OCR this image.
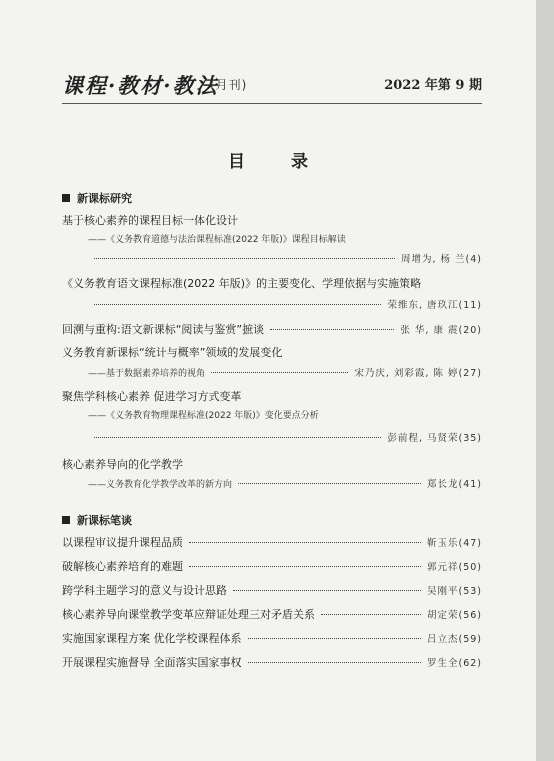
课程·教材·教法
(月刊)	2022 年第 9 期
目 录
新课标研究
基于核心素养的课程目标一体化设计
——《义务教育道德与法治课程标准(2022 年版)》课程目标解读
周增为, 杨 兰 (4)
《义务教育语文课程标准(2022 年版)》的主要变化、学理依据与实施策略
荣维东, 唐玖江 (11)
回溯与重构:语文新课标“阅读与鉴赏”摭谈	张 华, 康 震 (20)
义务教育新课标“统计与概率”领域的发展变化
——基于数据素养培养的视角	宋乃庆, 刘彩霞, 陈 婷 (27)
聚焦学科核心素养 促进学习方式变革
——《义务教育物理课程标准(2022 年版)》变化要点分析
彭前程, 马贤荣 (35)
核心素养导向的化学教学
——义务教育化学教学改革的新方向	郑长龙 (41)
新课标笔谈
以课程审议提升课程品质	靳玉乐 (47)
破解核心素养培育的难题	郭元祥 (50)
跨学科主题学习的意义与设计思路	吴刚平 (53)
核心素养导向课堂教学变革应辩证处理三对矛盾关系	胡定荣 (56)
实施国家课程方案 优化学校课程体系	吕立杰 (59)
开展课程实施督导 全面落实国家事权	罗生全 (62)
